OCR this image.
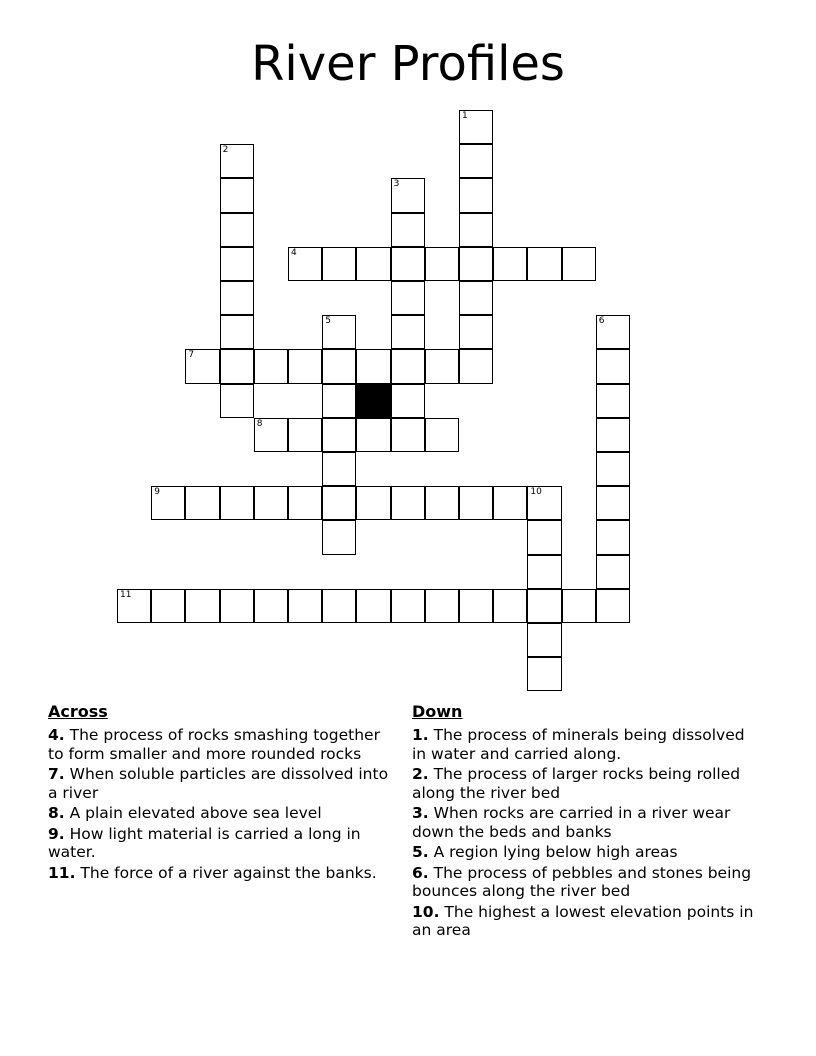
River Profiles
4
7
8
9
11
1
2
3
5	6
10
Across
4. The process of rocks smashing together to form smaller and more rounded rocks
7. When soluble particles are dissolved into a river
8. A plain elevated above sea level
9. How light material is carried a long in water.
11. The force of a river against the banks.
Down
1. The process of minerals being dissolved in water and carried along.
2. The process of larger rocks being rolled along the river bed
3. When rocks are carried in a river wear down the beds and banks
5. A region lying below high areas
6. The process of pebbles and stones being bounces along the river bed
10. The highest a lowest elevation points in an area
